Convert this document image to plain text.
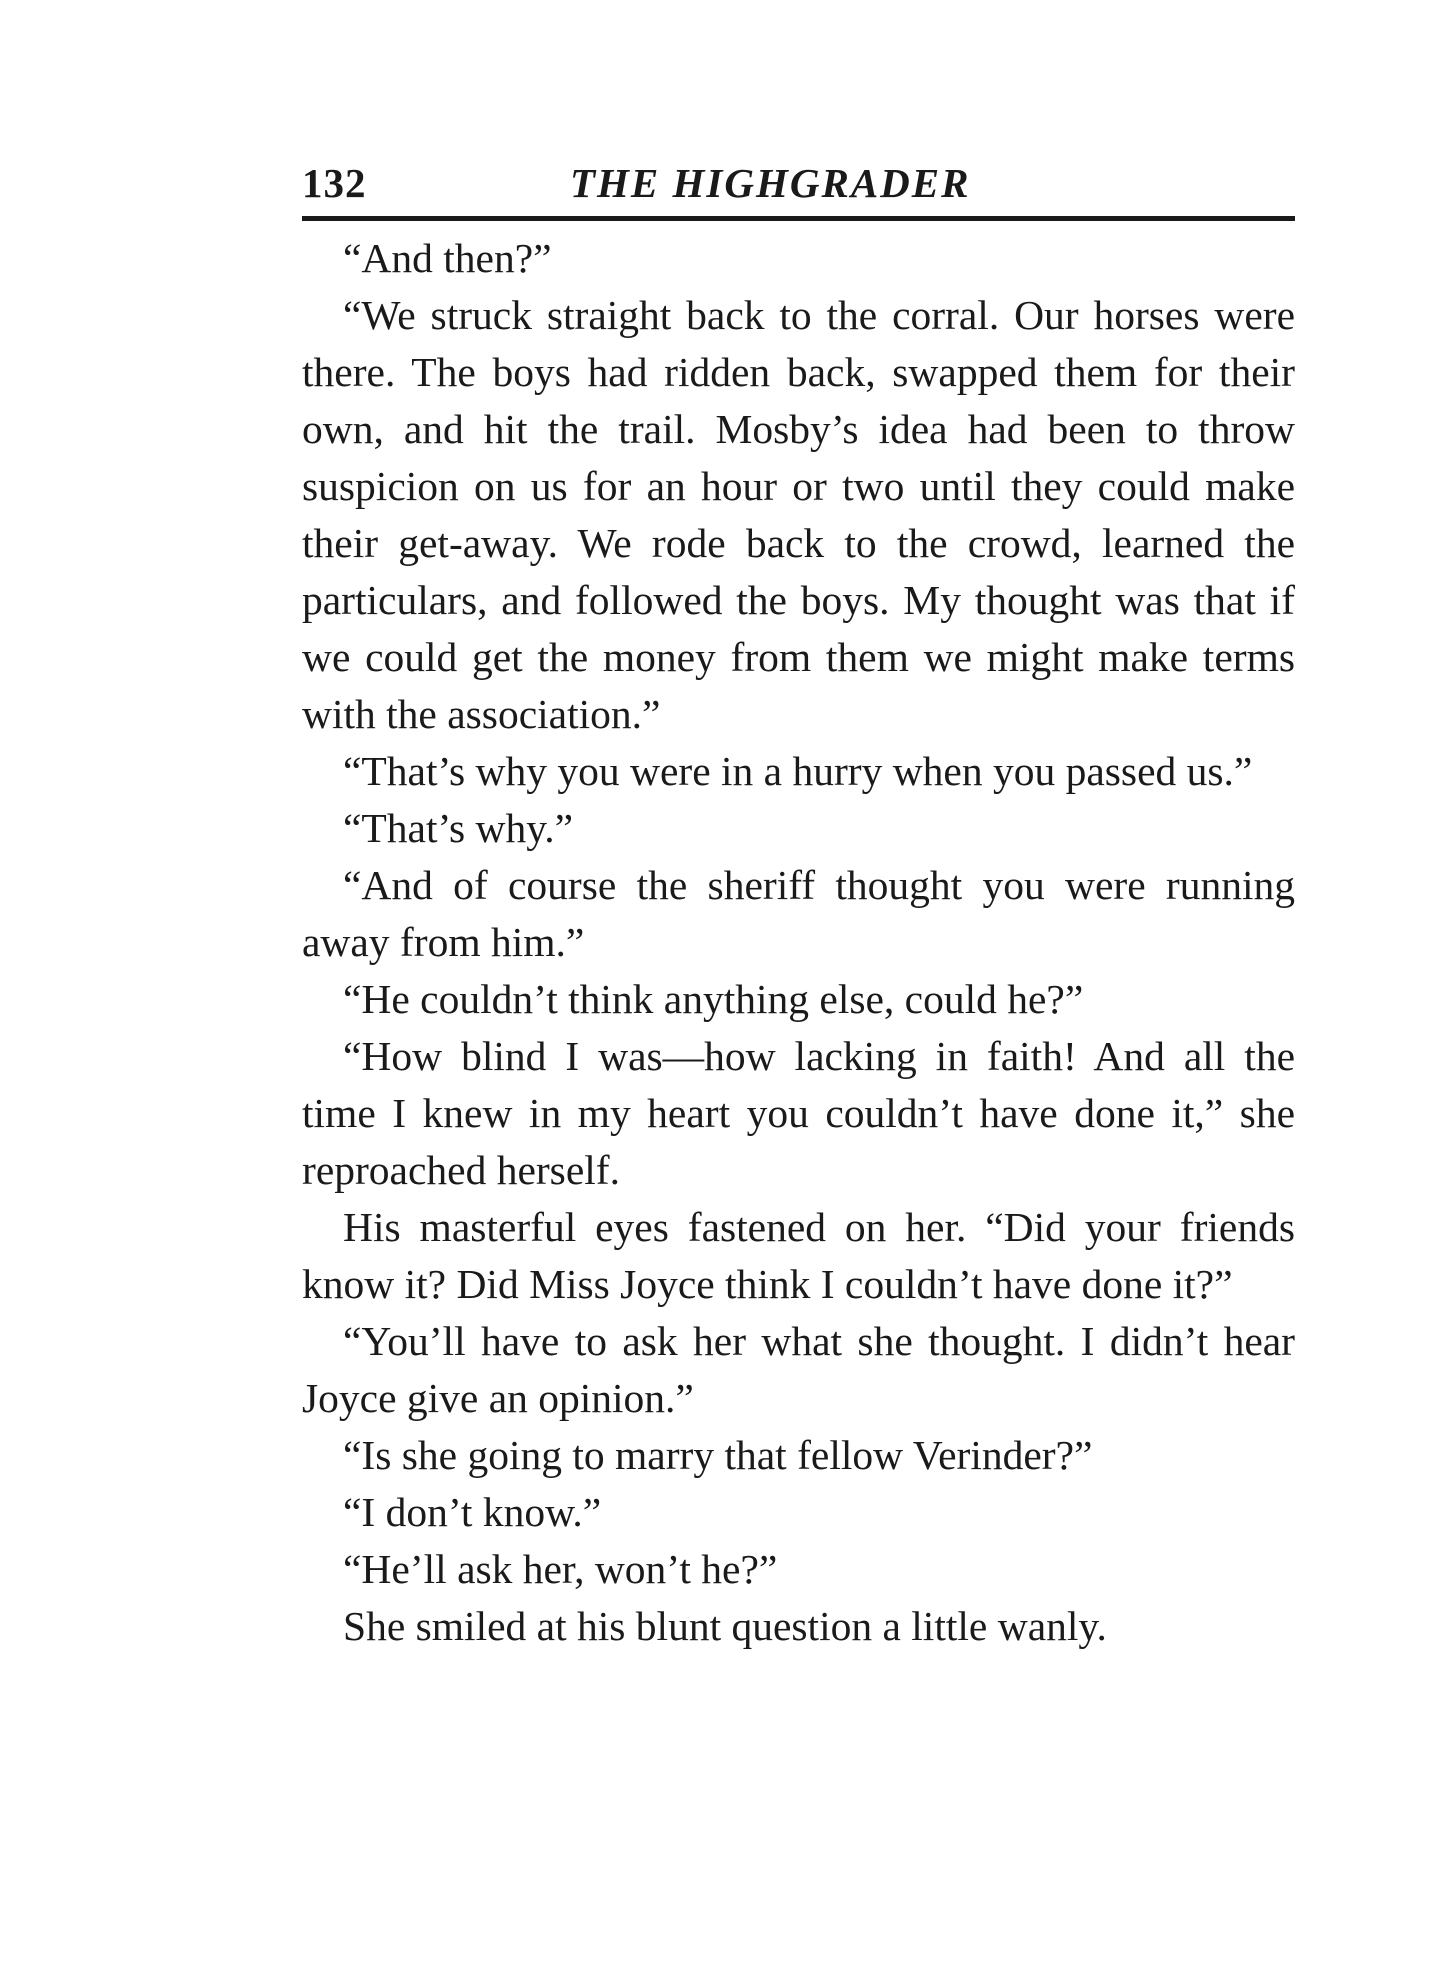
132	THE HIGHGRADER

“And then?”

“We struck straight back to the corral. Our horses were there. The boys had ridden back, swapped them for their own, and hit the trail. Mosby’s idea had been to throw suspicion on us for an hour or two until they could make their get-away. We rode back to the crowd, learned the particulars, and followed the boys. My thought was that if we could get the money from them we might make terms with the association.”

“That’s why you were in a hurry when you passed us.”

“That’s why.”

“And of course the sheriff thought you were running away from him.”

“He couldn’t think anything else, could he?”

“How blind I was—how lacking in faith! And all the time I knew in my heart you couldn’t have done it,” she reproached herself.

His masterful eyes fastened on her. “Did your friends know it? Did Miss Joyce think I couldn’t have done it?”

“You’ll have to ask her what she thought. I didn’t hear Joyce give an opinion.”

“Is she going to marry that fellow Verinder?”

“I don’t know.”

“He’ll ask her, won’t he?”

She smiled at his blunt question a little wanly.
